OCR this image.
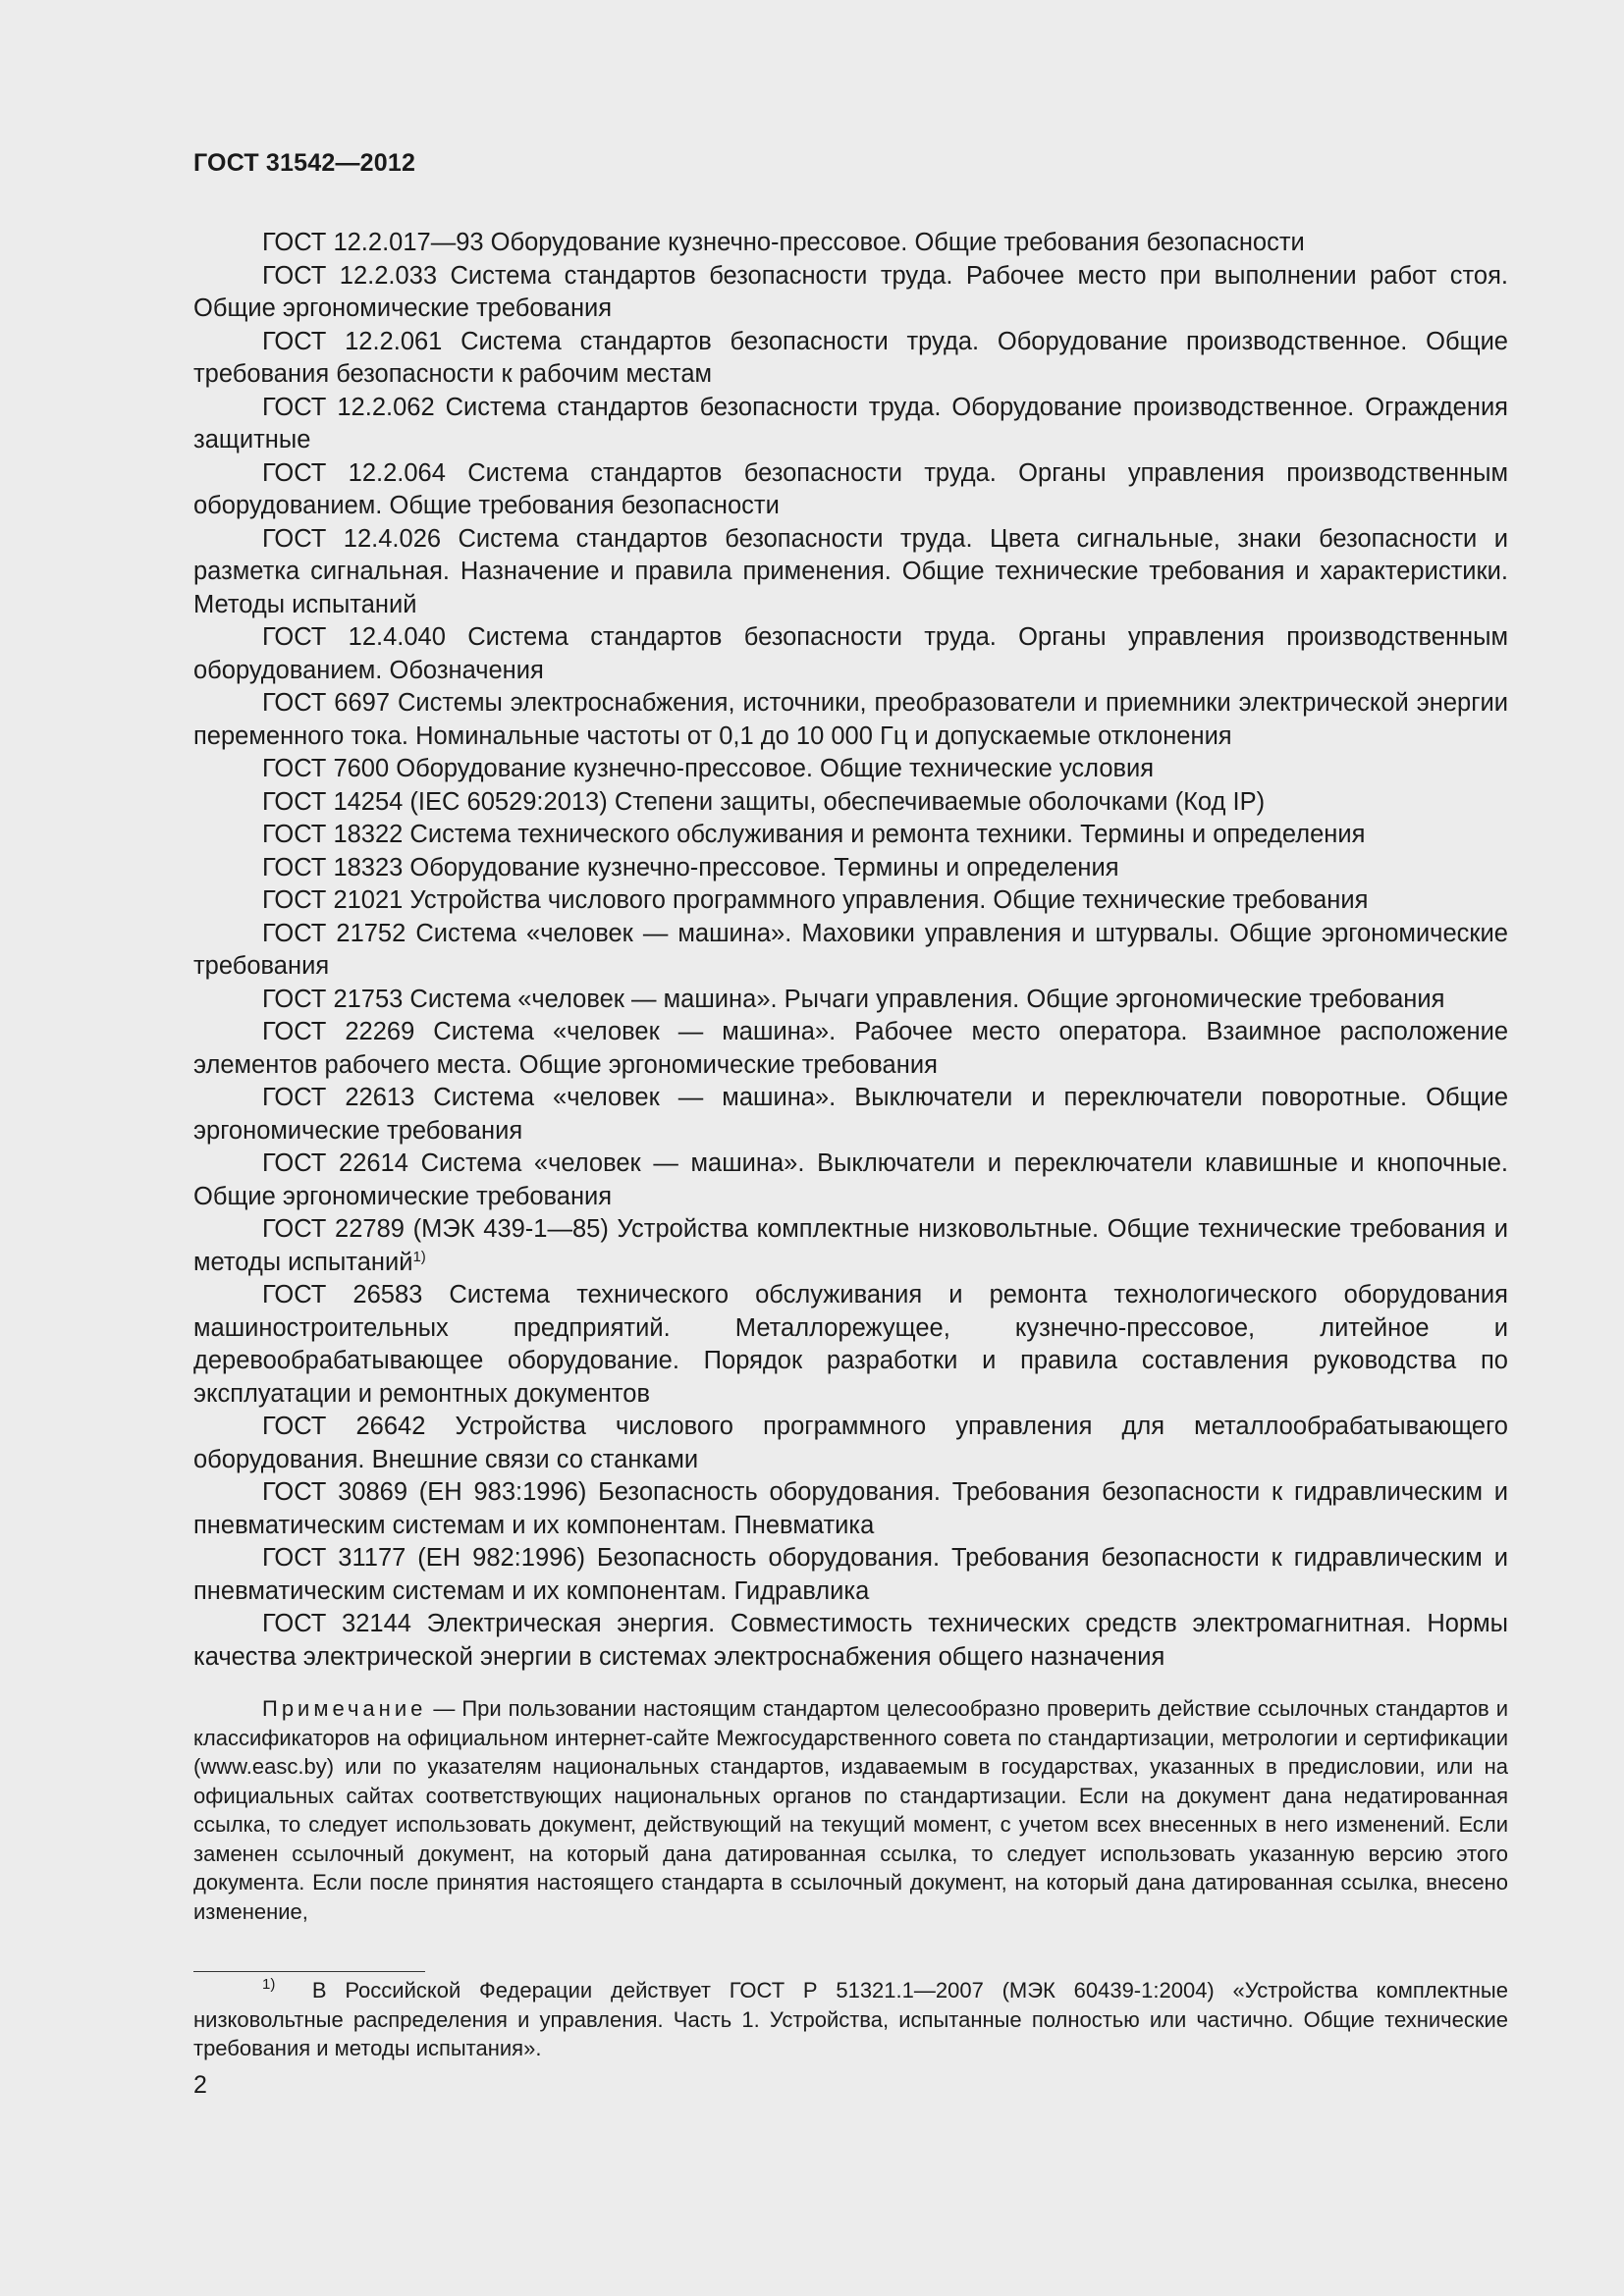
ГОСТ 31542—2012

ГОСТ 12.2.017—93 Оборудование кузнечно-прессовое. Общие требования безопасности

ГОСТ 12.2.033 Система стандартов безопасности труда. Рабочее место при выполнении работ стоя. Общие эргономические требования

ГОСТ 12.2.061 Система стандартов безопасности труда. Оборудование производственное. Общие требования безопасности к рабочим местам

ГОСТ 12.2.062 Система стандартов безопасности труда. Оборудование производственное. Ограждения защитные

ГОСТ 12.2.064 Система стандартов безопасности труда. Органы управления производственным оборудованием. Общие требования безопасности

ГОСТ 12.4.026 Система стандартов безопасности труда. Цвета сигнальные, знаки безопасности и разметка сигнальная. Назначение и правила применения. Общие технические требования и характеристики. Методы испытаний

ГОСТ 12.4.040 Система стандартов безопасности труда. Органы управления производственным оборудованием. Обозначения

ГОСТ 6697 Системы электроснабжения, источники, преобразователи и приемники электрической энергии переменного тока. Номинальные частоты от 0,1 до 10 000 Гц и допускаемые отклонения

ГОСТ 7600 Оборудование кузнечно-прессовое. Общие технические условия

ГОСТ 14254 (IEC 60529:2013) Степени защиты, обеспечиваемые оболочками (Код IP)

ГОСТ 18322 Система технического обслуживания и ремонта техники. Термины и определения

ГОСТ 18323 Оборудование кузнечно-прессовое. Термины и определения

ГОСТ 21021 Устройства числового программного управления. Общие технические требования

ГОСТ 21752 Система «человек — машина». Маховики управления и штурвалы. Общие эргономические требования

ГОСТ 21753 Система «человек — машина». Рычаги управления. Общие эргономические требования

ГОСТ 22269 Система «человек — машина». Рабочее место оператора. Взаимное расположение элементов рабочего места. Общие эргономические требования

ГОСТ 22613 Система «человек — машина». Выключатели и переключатели поворотные. Общие эргономические требования

ГОСТ 22614 Система «человек — машина». Выключатели и переключатели клавишные и кнопочные. Общие эргономические требования

ГОСТ 22789 (МЭК 439-1—85) Устройства комплектные низковольтные. Общие технические требования и методы испытаний$^{1)}$

ГОСТ 26583 Система технического обслуживания и ремонта технологического оборудования машиностроительных предприятий. Металлорежущее, кузнечно-прессовое, литейное и деревообрабатывающее оборудование. Порядок разработки и правила составления руководства по эксплуатации и ремонтных документов

ГОСТ 26642 Устройства числового программного управления для металлообрабатывающего оборудования. Внешние связи со станками

ГОСТ 30869 (ЕН 983:1996) Безопасность оборудования. Требования безопасности к гидравлическим и пневматическим системам и их компонентам. Пневматика

ГОСТ 31177 (ЕН 982:1996) Безопасность оборудования. Требования безопасности к гидравлическим и пневматическим системам и их компонентам. Гидравлика

ГОСТ 32144 Электрическая энергия. Совместимость технических средств электромагнитная. Нормы качества электрической энергии в системах электроснабжения общего назначения

Примечание — При пользовании настоящим стандартом целесообразно проверить действие ссылочных стандартов и классификаторов на официальном интернет-сайте Межгосударственного совета по стандартизации, метрологии и сертификации (www.easc.by) или по указателям национальных стандартов, издаваемым в государствах, указанных в предисловии, или на официальных сайтах соответствующих национальных органов по стандартизации. Если на документ дана недатированная ссылка, то следует использовать документ, действующий на текущий момент, с учетом всех внесенных в него изменений. Если заменен ссылочный документ, на который дана датированная ссылка, то следует использовать указанную версию этого документа. Если после принятия настоящего стандарта в ссылочный документ, на который дана датированная ссылка, внесено изменение,

$^{1)}$ В Российской Федерации действует ГОСТ Р 51321.1—2007 (МЭК 60439-1:2004) «Устройства комплектные низковольтные распределения и управления. Часть 1. Устройства, испытанные полностью или частично. Общие технические требования и методы испытания».

2
